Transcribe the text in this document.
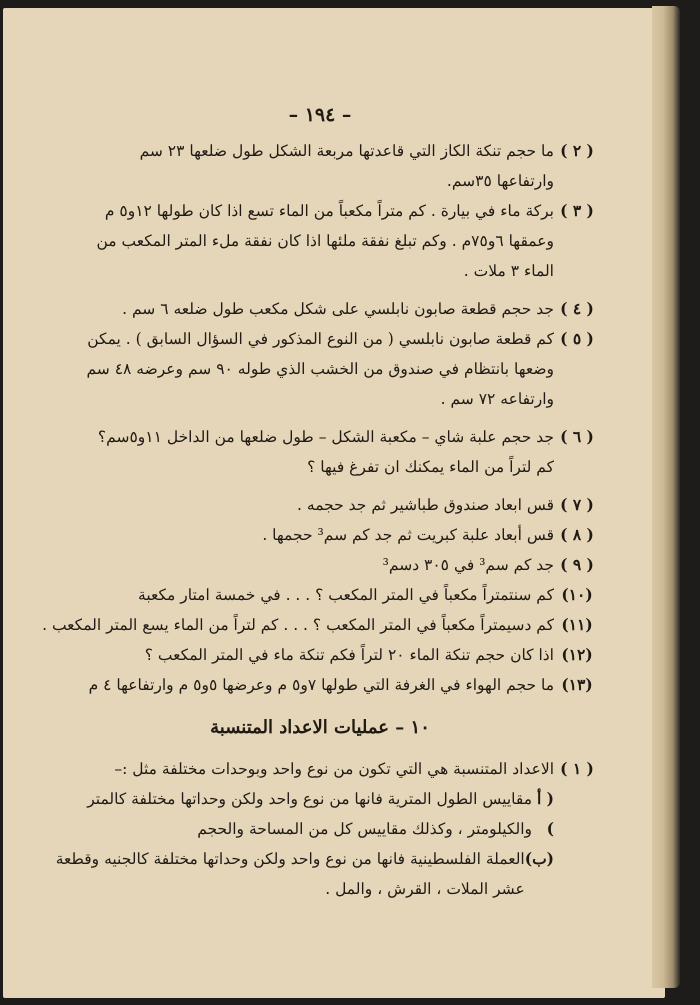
– ١٩٤ –
( ٢ )
ما حجم تنكة الكاز التي قاعدتها مربعة الشكل طول ضلعها ٢٣ سم
وارتفاعها ٣٥سم.
( ٣ )
بركة ماء في بيارة . كم متراً مكعباً من الماء تسع اذا كان طولها ١٢و٥ م
وعمقها ٦و٧٥م . وكم تبلغ نفقة ملئها اذا كان نفقة ملء المتر المكعب من
الماء ٣ ملات .
( ٤ )
جد حجم قطعة صابون نابلسي على شكل مكعب طول ضلعه ٦ سم .
( ٥ )
كم قطعة صابون نابلسي ( من النوع المذكور في السؤال السابق ) . يمكن
وضعها بانتظام في صندوق من الخشب الذي طوله ٩٠ سم وعرضه ٤٨ سم
وارتفاعه ٧٢ سم .
( ٦ )
جد حجم علبة شاي – مكعبة الشكل – طول ضلعها من الداخل ١١و٥سم؟
كم لتراً من الماء يمكنك ان تفرغ فيها ؟
( ٧ )
قس ابعاد صندوق طباشير ثم جد حجمه .
( ٨ )
قس أبعاد علبة كبريت ثم جد كم سم³ حجمها .
( ٩ )
جد كم سم³ في ٣٠٥ دسم³
(١٠)
كم سنتمتراً مكعباً في المتر المكعب ؟ . . . في خمسة امتار مكعبة
(١١)
كم دسيمتراً مكعباً في المتر المكعب ؟ . . . كم لتراً من الماء يسع المتر المكعب .
(١٢)
اذا كان حجم تنكة الماء ٢٠ لتراً فكم تنكة ماء في المتر المكعب ؟
(١٣)
ما حجم الهواء في الغرفة التي طولها ٧و٥ م وعرضها ٥و٥ م وارتفاعها ٤ م
١٠ – عمليات الاعداد المتنسبة
( ١ )
الاعداد المتنسبة هي التي تكون من نوع واحد وبوحدات مختلفة مثل :–
( أ )
مقاييس الطول المترية فانها من نوع واحد ولكن وحداتها مختلفة كالمتر
والكيلومتر ، وكذلك مقاييس كل من المساحة والحجم
(ب)
العملة الفلسطينية فانها من نوع واحد ولكن وحداتها مختلفة كالجنيه وقطعة
عشر الملات ، القرش ، والمل .
